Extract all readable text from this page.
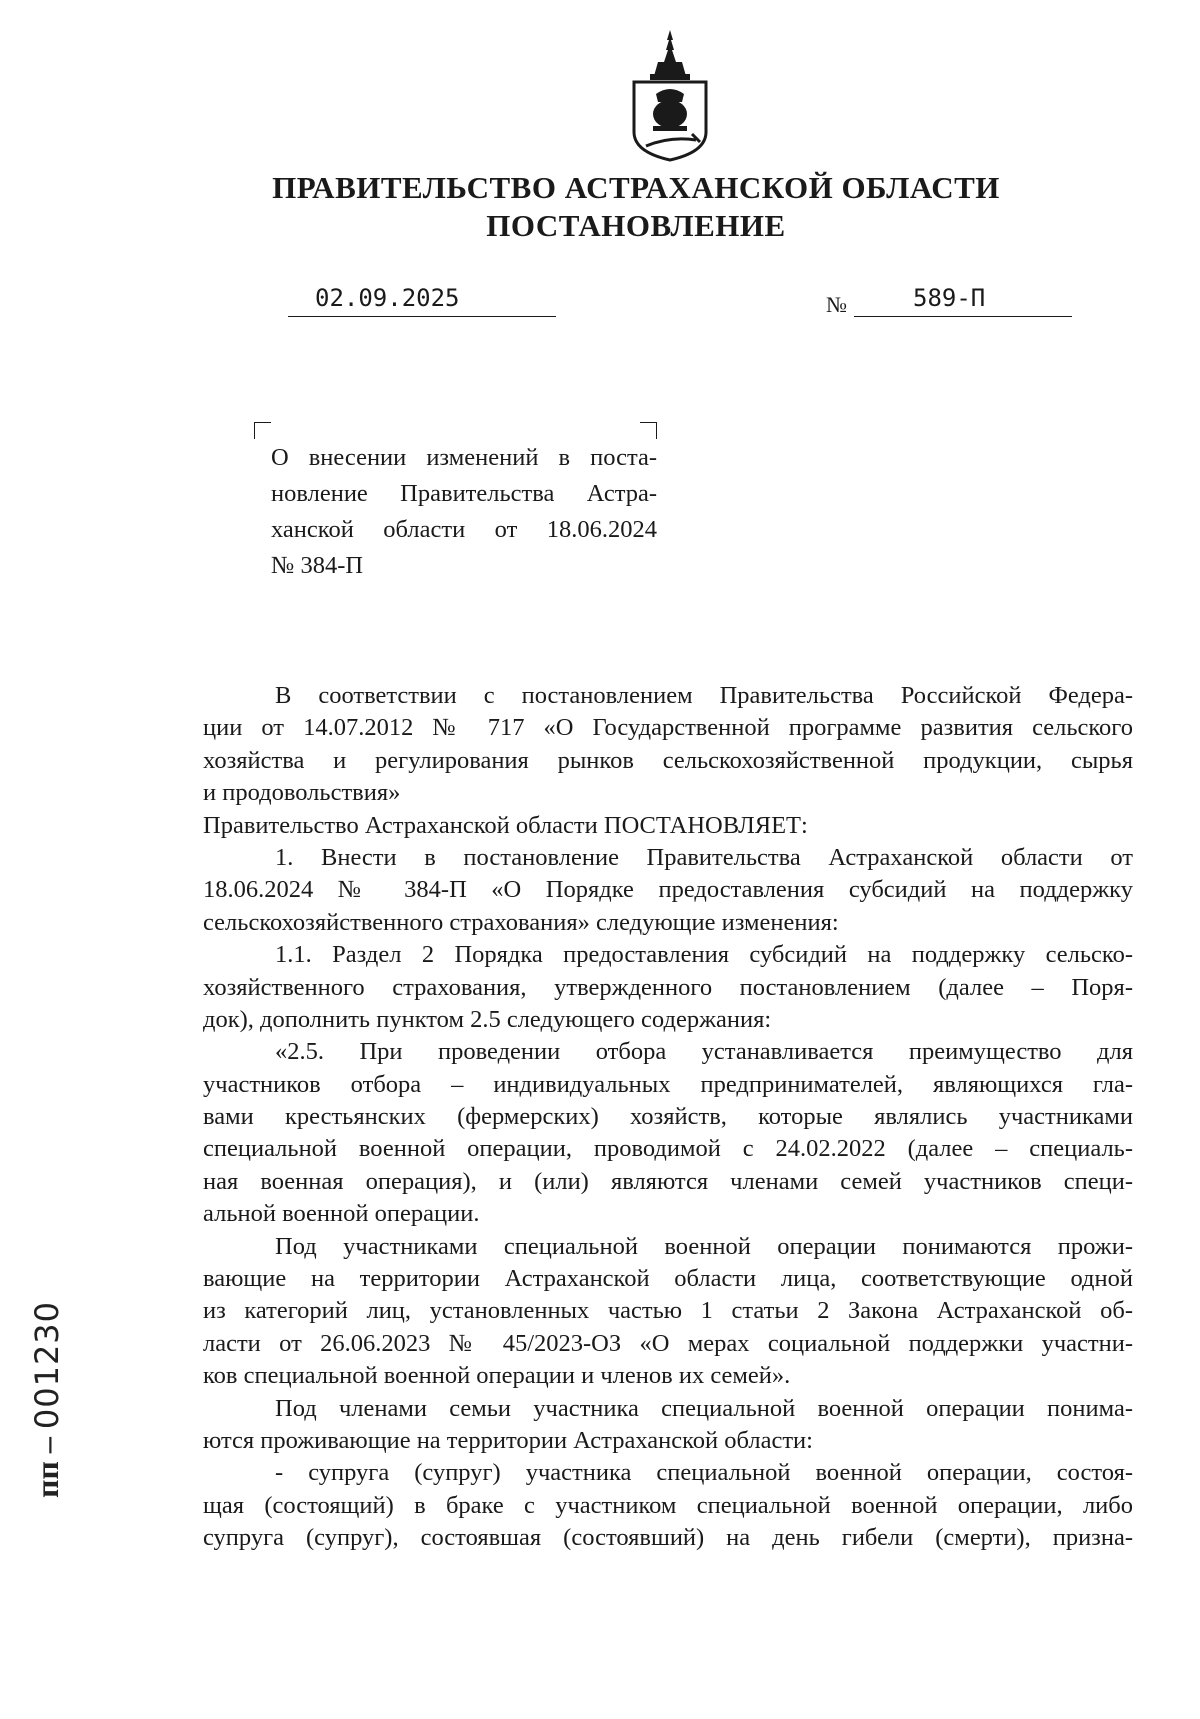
ПРАВИТЕЛЬСТВО АСТРАХАНСКОЙ ОБЛАСТИ
ПОСТАНОВЛЕНИЕ
02.09.2025	№	589-П
О внесении изменений в поста-
новление Правительства Астра-
ханской области от 18.06.2024
№ 384-П
В соответствии с постановлением Правительства Российской Федера-
ции от 14.07.2012 № 717 «О Государственной программе развития сельского
хозяйства и регулирования рынков сельскохозяйственной продукции, сырья
и продовольствия»
Правительство Астраханской области ПОСТАНОВЛЯЕТ:
1. Внести в постановление Правительства Астраханской области от
18.06.2024 № 384-П «О Порядке предоставления субсидий на поддержку
сельскохозяйственного страхования» следующие изменения:
1.1. Раздел 2 Порядка предоставления субсидий на поддержку сельско-
хозяйственного страхования, утвержденного постановлением (далее – Поря-
док), дополнить пунктом 2.5 следующего содержания:
«2.5. При проведении отбора устанавливается преимущество для
участников отбора – индивидуальных предпринимателей, являющихся гла-
вами крестьянских (фермерских) хозяйств, которые являлись участниками
специальной военной операции, проводимой с 24.02.2022 (далее – специаль-
ная военная операция), и (или) являются членами семей участников специ-
альной военной операции.
Под участниками специальной военной операции понимаются прожи-
вающие на территории Астраханской области лица, соответствующие одной
из категорий лиц, установленных частью 1 статьи 2 Закона Астраханской об-
ласти от 26.06.2023 № 45/2023-ОЗ «О мерах социальной поддержки участни-
ков специальной военной операции и членов их семей».
Под членами семьи участника специальной военной операции понима-
ются проживающие на территории Астраханской области:
- супруга (супруг) участника специальной военной операции, состоя-
щая (состоящий) в браке с участником специальной военной операции, либо
супруга (супруг), состоявшая (состоявший) на день гибели (смерти), призна-
пп – 001230
